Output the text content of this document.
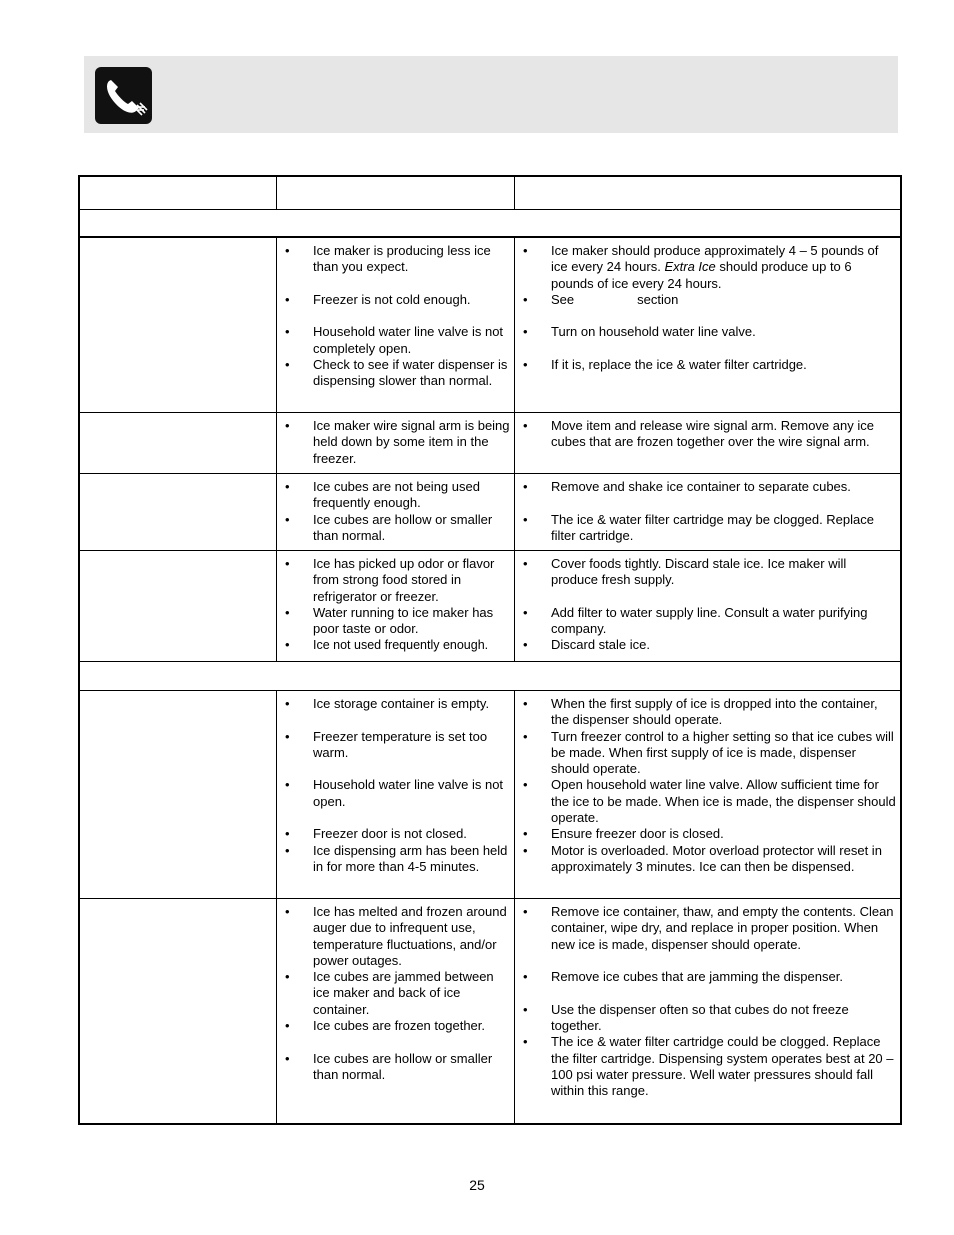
• Ice maker is producing less ice than you expect.
• Freezer is not cold enough.
• Household water line valve is not completely open.
• Check to see if water dispenser is dispensing slower than normal.
• Ice maker should produce approximately 4 – 5 pounds of ice every 24 hours. Extra Ice should produce up to 6 pounds of ice every 24 hours.
• See	section
• Turn on household water line valve.
• If it is, replace the ice & water filter cartridge.
• Ice maker wire signal arm is being held down by some item in the freezer.
• Move item and release wire signal arm. Remove any ice cubes that are frozen together over the wire signal arm.
• Ice cubes are not being used frequently enough.
• Ice cubes are hollow or smaller than normal.
• Remove and shake ice container to separate cubes.
• The ice & water filter cartridge may be clogged. Replace filter cartridge.
• Ice has picked up odor or flavor from strong food stored in refrigerator or freezer.
• Water running to ice maker has poor taste or odor.
• Ice not used frequently enough.
• Cover foods tightly. Discard stale ice. Ice maker will produce fresh supply.
• Add filter to water supply line. Consult a water purifying company.
• Discard stale ice.
• Ice storage container is empty.
• Freezer temperature is set too warm.
• Household water line valve is not open.
• Freezer door is not closed.
• Ice dispensing arm has been held in for more than 4-5 minutes.
• When the first supply of ice is dropped into the container, the dispenser should operate.
• Turn freezer control to a higher setting so that ice cubes will be made. When first supply of ice is made, dispenser should operate.
• Open household water line valve. Allow sufficient time for the ice to be made. When ice is made, the dispenser should operate.
• Ensure freezer door is closed.
• Motor is overloaded. Motor overload protector will reset in approximately 3 minutes. Ice can then be dispensed.
• Ice has melted and frozen around auger due to infrequent use, temperature fluctuations, and/or power outages.
• Ice cubes are jammed between ice maker and back of ice container.
• Ice cubes are frozen together.
• Ice cubes are hollow or smaller than normal.
• Remove ice container, thaw, and empty the contents. Clean container, wipe dry, and replace in proper position. When new ice is made, dispenser should operate.
• Remove ice cubes that are jamming the dispenser.
• Use the dispenser often so that cubes do not freeze together.
• The ice & water filter cartridge could be clogged. Replace the filter cartridge. Dispensing system operates best at 20 – 100 psi water pressure. Well water pressures should fall within this range.
25
